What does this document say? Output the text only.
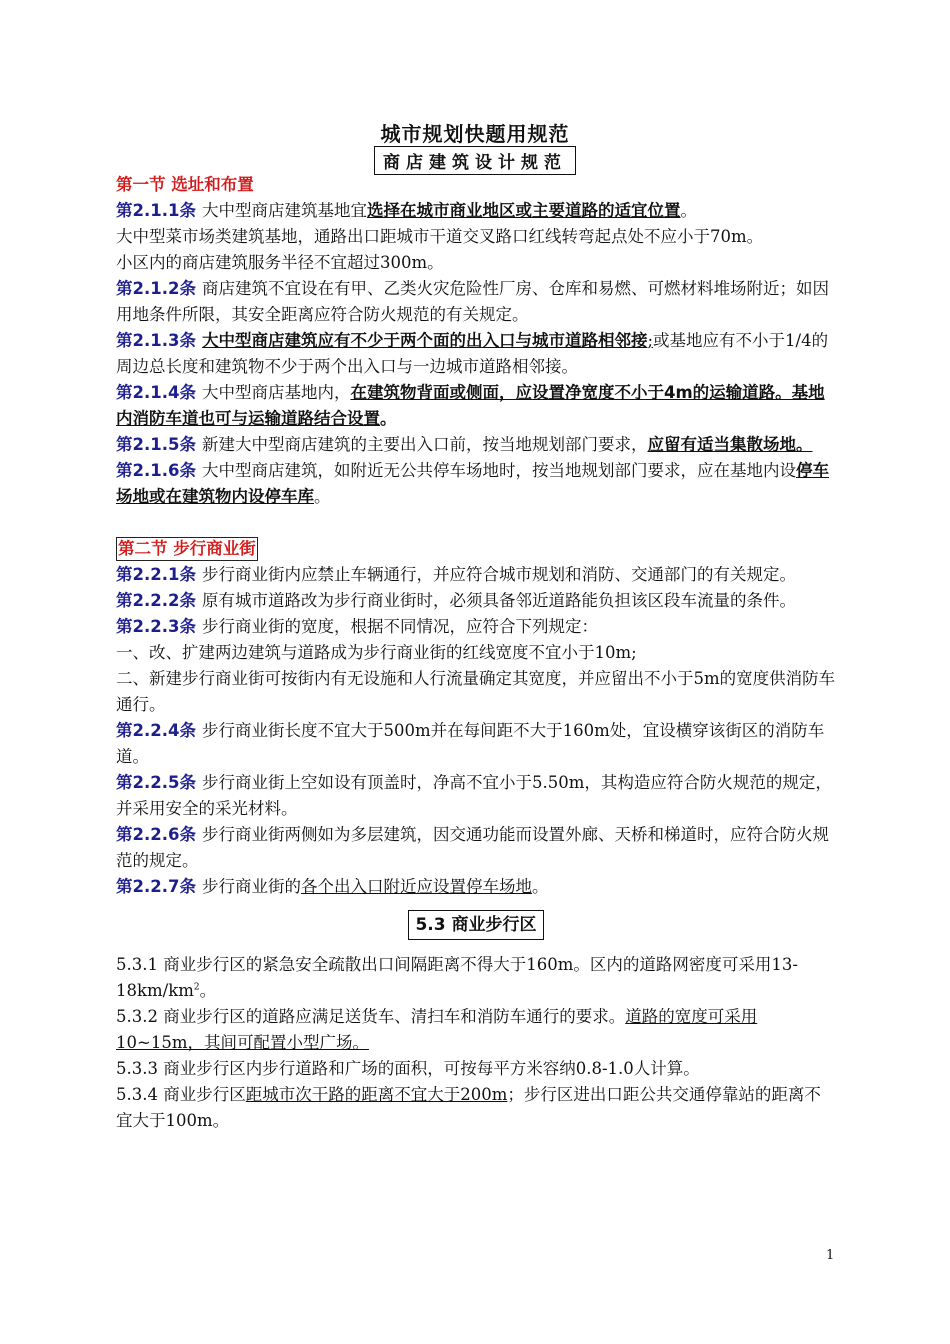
城市规划快题用规范
商店建筑设计规范

第一节 选址和布置

第2.1.1条 大中型商店建筑基地宜选择在城市商业地区或主要道路的适宜位置。

大中型菜市场类建筑基地，通路出口距城市干道交叉路口红线转弯起点处不应小于70m。

小区内的商店建筑服务半径不宜超过300m。

第2.1.2条 商店建筑不宜设在有甲、乙类火灾危险性厂房、仓库和易燃、可燃材料堆场附近；如因用地条件所限，其安全距离应符合防火规范的有关规定。

第2.1.3条 大中型商店建筑应有不少于两个面的出入口与城市道路相邻接;或基地应有不小于1/4的周边总长度和建筑物不少于两个出入口与一边城市道路相邻接。

第2.1.4条 大中型商店基地内，在建筑物背面或侧面，应设置净宽度不小于4m的运输道路。基地内消防车道也可与运输道路结合设置。

第2.1.5条 新建大中型商店建筑的主要出入口前，按当地规划部门要求，应留有适当集散场地。

第2.1.6条 大中型商店建筑，如附近无公共停车场地时，按当地规划部门要求，应在基地内设停车场地或在建筑物内设停车库。

第二节 步行商业街

第2.2.1条 步行商业街内应禁止车辆通行，并应符合城市规划和消防、交通部门的有关规定。

第2.2.2条 原有城市道路改为步行商业街时，必须具备邻近道路能负担该区段车流量的条件。

第2.2.3条 步行商业街的宽度，根据不同情况，应符合下列规定：

一、改、扩建两边建筑与道路成为步行商业街的红线宽度不宜小于10m;

二、新建步行商业街可按街内有无设施和人行流量确定其宽度，并应留出不小于5m的宽度供消防车通行。

第2.2.4条 步行商业街长度不宜大于500m并在每间距不大于160m处，宜设横穿该街区的消防车道。

第2.2.5条 步行商业街上空如设有顶盖时，净高不宜小于5.50m，其构造应符合防火规范的规定，并采用安全的采光材料。

第2.2.6条 步行商业街两侧如为多层建筑，因交通功能而设置外廊、天桥和梯道时，应符合防火规范的规定。

第2.2.7条 步行商业街的各个出入口附近应设置停车场地。

5.3 商业步行区

5.3.1 商业步行区的紧急安全疏散出口间隔距离不得大于160m。区内的道路网密度可采用$13-18km/km^2$。

5.3.2 商业步行区的道路应满足送货车、清扫车和消防车通行的要求。道路的宽度可采用10~15m，其间可配置小型广场。

5.3.3 商业步行区内步行道路和广场的面积，可按每平方米容纳0.8-1.0人计算。

5.3.4 商业步行区距城市次干路的距离不宜大于200m；步行区进出口距公共交通停靠站的距离不宜大于100m。

1
